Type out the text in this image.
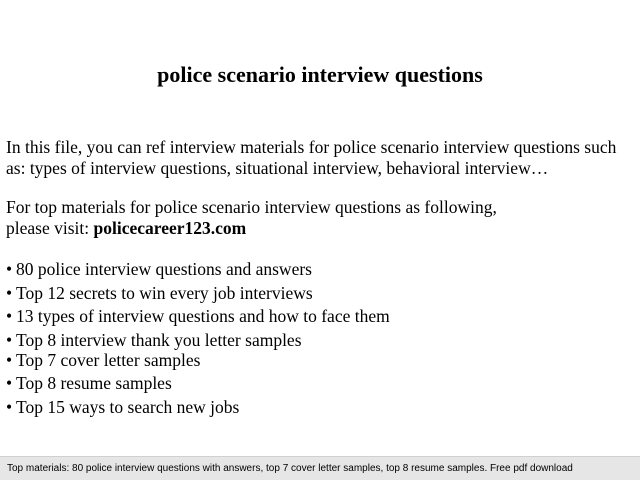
police scenario interview questions
In this file, you can ref interview materials for police scenario interview questions such
as: types of interview questions, situational interview, behavioral interview…
For top materials for police scenario interview questions as following,
please visit: policecareer123.com
• 80 police interview questions and answers
• Top 12 secrets to win every job interviews
• 13 types of interview questions and how to face them
• Top 8 interview thank you letter samples
• Top 7 cover letter samples
• Top 8 resume samples
• Top 15 ways to search new jobs
Top materials: 80 police interview questions with answers, top 7 cover letter samples, top 8 resume samples. Free pdf download
